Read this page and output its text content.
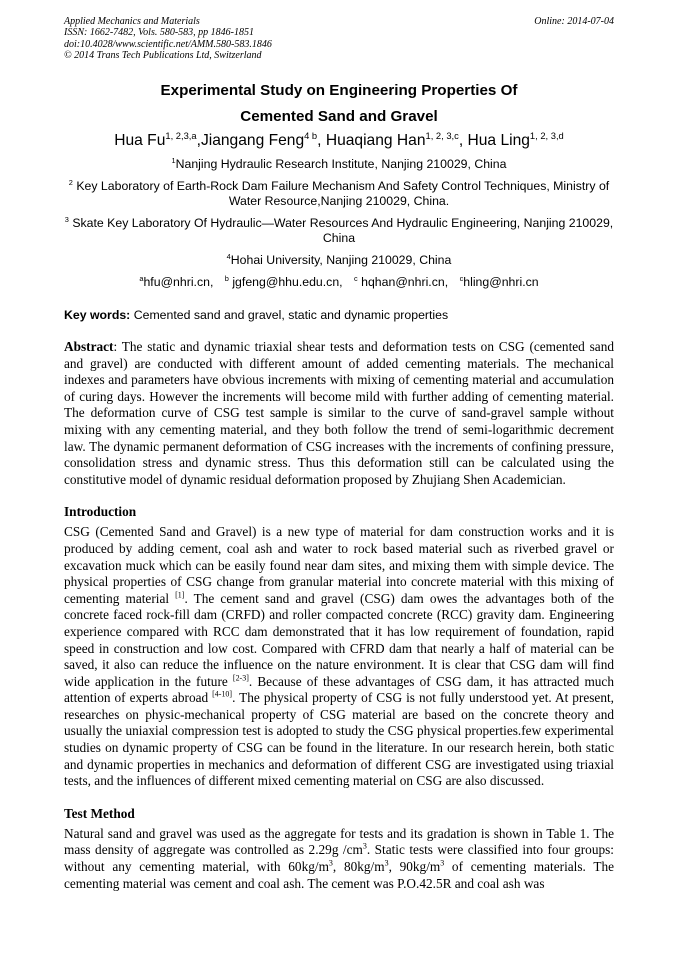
Applied Mechanics and Materials
ISSN: 1662-7482, Vols. 580-583, pp 1846-1851
doi:10.4028/www.scientific.net/AMM.580-583.1846
© 2014 Trans Tech Publications Ltd, Switzerland
Online: 2014-07-04
Experimental Study on Engineering Properties Of
Cemented Sand and Gravel
Hua Fu$^{1, 2,3,a}$,Jiangang Feng$^{4 b}$, Huaqiang Han$^{1, 2, 3,c}$, Hua Ling$^{1, 2, 3,d}$
$^1$Nanjing Hydraulic Research Institute, Nanjing 210029, China
$^2$ Key Laboratory of Earth-Rock Dam Failure Mechanism And Safety Control Techniques, Ministry of Water Resource,Nanjing 210029, China.
$^3$ Skate Key Laboratory Of Hydraulic—Water Resources And Hydraulic Engineering, Nanjing 210029, China
$^4$Hohai University, Nanjing 210029, China
$^a$hfu@nhri.cn, $^b$ jgfeng@hhu.edu.cn, $^c$ hqhan@nhri.cn, $^c$hling@nhri.cn
Key words: Cemented sand and gravel, static and dynamic properties
Abstract: The static and dynamic triaxial shear tests and deformation tests on CSG (cemented sand and gravel) are conducted with different amount of added cementing materials. The mechanical indexes and parameters have obvious increments with mixing of cementing material and accumulation of curing days. However the increments will become mild with further adding of cementing material. The deformation curve of CSG test sample is similar to the curve of sand-gravel sample without mixing with any cementing material, and they both follow the trend of semi-logarithmic decrement law. The dynamic permanent deformation of CSG increases with the increments of confining pressure, consolidation stress and dynamic stress. Thus this deformation still can be calculated using the constitutive model of dynamic residual deformation proposed by Zhujiang Shen Academician.
Introduction
CSG (Cemented Sand and Gravel) is a new type of material for dam construction works and it is produced by adding cement, coal ash and water to rock based material such as riverbed gravel or excavation muck which can be easily found near dam sites, and mixing them with simple device. The physical properties of CSG change from granular material into concrete material with this mixing of cementing material [1]. The cement sand and gravel (CSG) dam owes the advantages both of the concrete faced rock-fill dam (CRFD) and roller compacted concrete (RCC) gravity dam. Engineering experience compared with RCC dam demonstrated that it has low requirement of foundation, rapid speed in construction and low cost. Compared with CFRD dam that nearly a half of material can be saved, it also can reduce the influence on the nature environment. It is clear that CSG dam will find wide application in the future [2-3]. Because of these advantages of CSG dam, it has attracted much attention of experts abroad [4-10]. The physical property of CSG is not fully understood yet. At present, researches on physic-mechanical property of CSG material are based on the concrete theory and usually the uniaxial compression test is adopted to study the CSG physical properties.few experimental studies on dynamic property of CSG can be found in the literature. In our research herein, both static and dynamic properties in mechanics and deformation of different CSG are investigated using triaxial tests, and the influences of different mixed cementing material on CSG are also discussed.
Test Method
Natural sand and gravel was used as the aggregate for tests and its gradation is shown in Table 1. The mass density of aggregate was controlled as 2.29g $/cm^3$. Static tests were classified into four groups: without any cementing material, with $60kg/m^3$, $80kg/m^3$, $90kg/m^3$ of cementing materials. The cementing material was cement and coal ash. The cement was P.O.42.5R and coal ash was
